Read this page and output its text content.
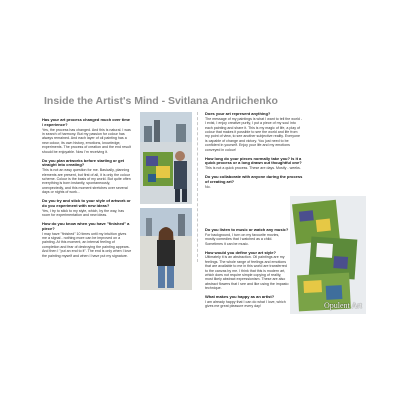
Inside the Artist's Mind - Svitlana Andriichenko

Has your art process changed much over time / experience?

Yes, the process has changed. And this is natural. I was in search of harmony. But my passion for colour has always remained. And each layer of oil painting has a new colour, its own history, emotions, knowledge, experiments. The process of creation and the end result should be enjoyable. Now I'm receiving it.

Do you plan artworks before starting or get straight into creating?

This is not an easy question for me. Basically, planning elements are present, but first of all, it is only the colour scheme. Colour is the basis of my world. But quite often everything is born instantly, spontaneously, unexpectedly, and this moment stretches over several days or nights of work...

Do you try and stick to your style of artwork or do you experiment with new ideas?

Yes, I try to stick to my style, which, by the way, has room for experimentation and new ideas.

How do you know when you have "finished" a piece?

I may have "finished" 10 times until my intuition gives me a signal - nothing more can be improved on a painting. At this moment, an internal feeling of completion and fear of destroying the painting appears. And then I "put an end to it". The end is only when I love the painting myself and when I have put my signature.

Does your art represent anything?

The message of my paintings is what I want to tell the world - I exist, I enjoy creative purity, I put a piece of my soul into each painting and share it. This is my magic of life, a play of colour that makes it possible to see the world and life from my point of view, to see another subjective reality. Everyone is capable of change and victory. You just need to be confident in yourself. Enjoy your life and my emotions conveyed in colour!

How long do your pieces normally take you? Is it a quick process or a long drawn out thoughtful one?

This is not a quick process. These are days. Mostly - weeks.

Do you collaborate with anyone during the process of creating art?

No.

Do you listen to music or watch any music?

For background, I turn on my favourite movies, mostly comedies that I watched as a child. Sometimes it can be music.

How would you define your art style?

Ultimately it is an abstraction. Oil paintings are my feelings. The whole range of feelings and emotions that are available to me in this world are transferred to the canvas by me. I think that this is modern art, which does not require simple copying of reality, most likely abstract expressionism. These are also abstract flowers that I see and like using the impasto technique.

What makes you happy as an artist?

I am already happy that I can do what I love, which gives me great pleasure every day!	Opulent Art
